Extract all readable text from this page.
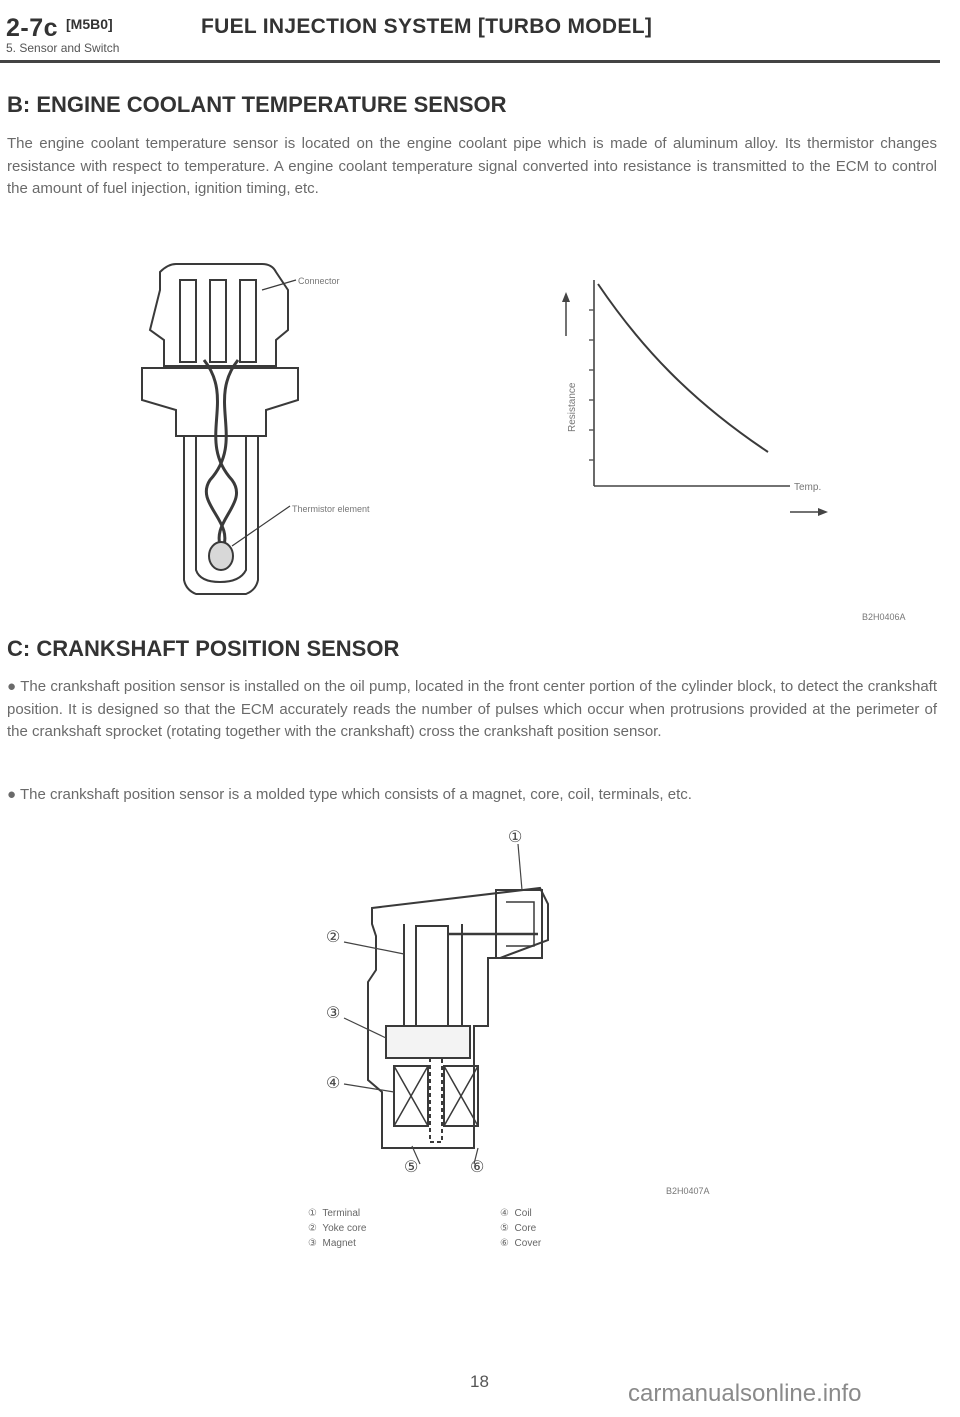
2-7c [M5B0]	FUEL INJECTION SYSTEM [TURBO MODEL]
5. Sensor and Switch
B: ENGINE COOLANT TEMPERATURE SENSOR
The engine coolant temperature sensor is located on the engine coolant pipe which is made of aluminum alloy. Its thermistor changes resistance with respect to temperature. A engine coolant temperature signal converted into resistance is transmitted to the ECM to control the amount of fuel injection, ignition timing, etc.
Connector
Thermistor element
Resistance
Temp.
B2H0406A
C: CRANKSHAFT POSITION SENSOR
● The crankshaft position sensor is installed on the oil pump, located in the front center portion of the cylinder block, to detect the crankshaft position. It is designed so that the ECM accurately reads the number of pulses which occur when protrusions provided at the perimeter of the crankshaft sprocket (rotating together with the crankshaft) cross the crankshaft position sensor.
● The crankshaft position sensor is a molded type which consists of a magnet, core, coil, terminals, etc.
①
②
③
④
⑤	⑥
B2H0407A
① Terminal
② Yoke core
③ Magnet
④ Coil
⑤ Core
⑥ Cover
18	carmanualsonline.info
